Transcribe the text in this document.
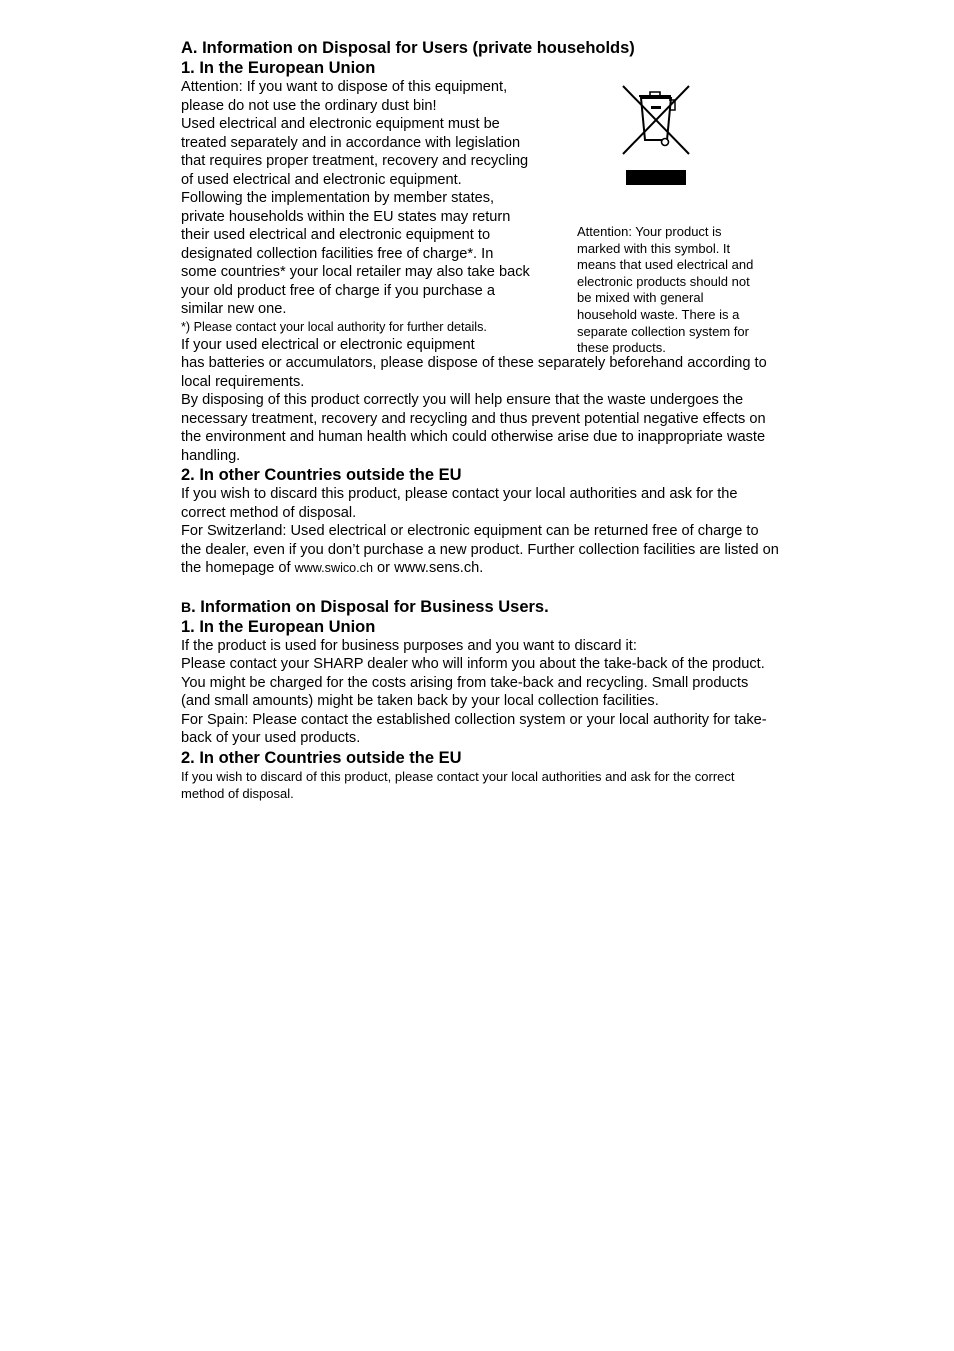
A. Information on Disposal for Users (private households)

1. In the European Union

Attention: If you want to dispose of this equipment, please do not use the ordinary dust bin!

Used electrical and electronic equipment must be treated separately and in accordance with legislation that requires proper treatment, recovery and recycling of used electrical and electronic equipment.

Following the implementation by member states, private households within the EU states may return their used electrical and electronic equipment to designated collection facilities free of charge*. In some countries* your local retailer may also take back your old product free of charge if you purchase a similar new one.

*) Please contact your local authority for further details.

If your used electrical or electronic equipment

has batteries or accumulators, please dispose of these separately beforehand according to local requirements.

By disposing of this product correctly you will help ensure that the waste undergoes the necessary treatment, recovery and recycling and thus prevent potential negative effects on the environment and human health which could otherwise arise due to inappropriate waste handling.

2. In other Countries outside the EU

If you wish to discard this product, please contact your local authorities and ask for the correct method of disposal.

For Switzerland: Used electrical or electronic equipment can be returned free of charge to the dealer, even if you don’t purchase a new product. Further collection facilities are listed on the homepage of www.swico.ch or www.sens.ch.

B. Information on Disposal for Business Users.

1. In the European Union

If the product is used for business purposes and you want to discard it:

Please contact your SHARP dealer who will inform you about the take-back of the product. You might be charged for the costs arising from take-back and recycling. Small products (and small amounts) might be taken back by your local collection facilities.

For Spain: Please contact the established collection system or your local authority for take-back of your used products.

2. In other Countries outside the EU

If you wish to discard of this product, please contact your local authorities and ask for the correct method of disposal.

Attention: Your product is marked with this symbol. It means that used electrical and electronic products should not be mixed with general household waste. There is a separate collection system for these products.
